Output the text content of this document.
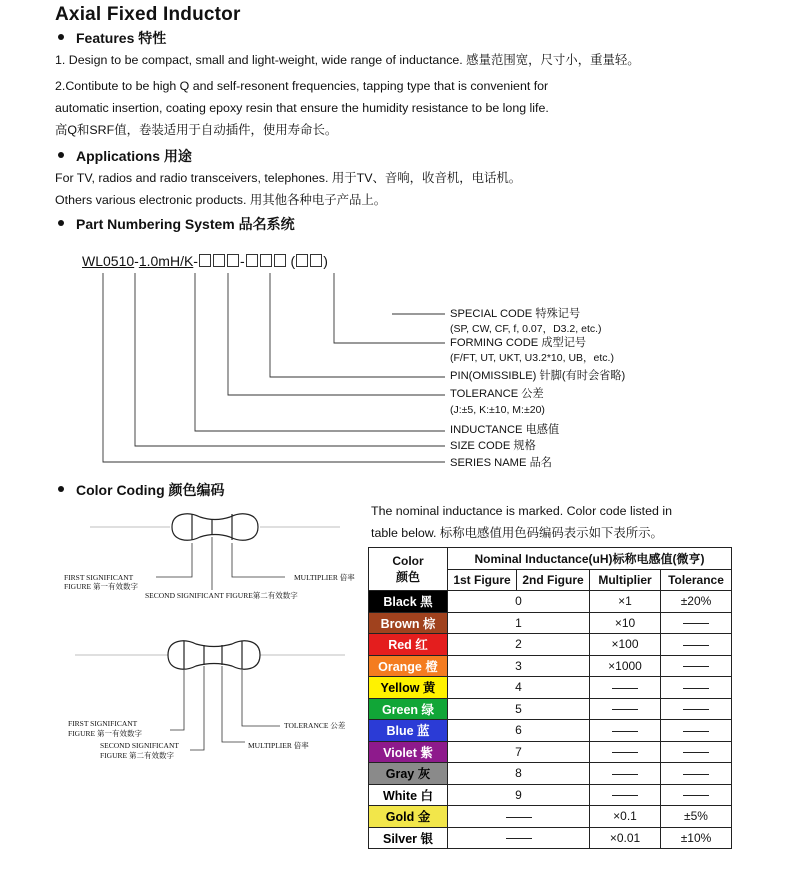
Axial Fixed Inductor
Features 特性
1. Design to be compact, small and light-weight, wide range of inductance. 感量范围宽，尺寸小，重量轻。
2.Contibute to be high Q and self-resonent frequencies, tapping type that is convenient for
automatic insertion, coating epoxy resin that ensure the humidity resistance to be long life.
高Q和SRF值，卷装适用于自动插件，使用寿命长。
Applications 用途
For TV, radios and radio transceivers, telephones. 用于TV、音响，收音机，电话机。
Others various electronic products. 用其他各种电子产品上。
Part Numbering System 品名系统
WL0510-1.0mH/K-	-	( )
SPECIAL CODE 特殊记号
(SP, CW, CF, f, 0.07，D3.2, etc.)
FORMING CODE 成型记号
(F/FT, UT, UKT, U3.2*10, UB，etc.)
PIN(OMISSIBLE) 针脚(有时会省略)
TOLERANCE 公差
(J:±5, K:±10, M:±20)
INDUCTANCE 电感值
SIZE CODE 规格
SERIES NAME 品名
Color Coding 颜色编码
The nominal inductance is marked. Color code listed in
table below. 标称电感值用色码编码表示如下表所示。
FIRST SIGNIFICANT
FIGURE 第一有效数字
SECOND SIGNIFICANT FIGURE第二有效数字
MULTIPLIER 倍率
FIRST SIGNIFICANT
FIGURE 第一有效数字
SECOND SIGNIFICANT
FIGURE 第二有效数字
TOLERANCE 公差
MULTIPLIER 倍率
Color
颜色	Nominal Inductance(uH)标称电感值(微亨)			
	1st Figure	2nd Figure	Multiplier	Tolerance
Black 黑	0		×1	±20%
Brown 棕	1		×10	
Red 红	2		×100	
Orange 橙	3		×1000	
Yellow 黄	4			
Green 绿	5			
Blue 蓝	6			
Violet 紫	7			
Gray 灰	8			
White 白	9			
Gold 金			×0.1	±5%
Silver 银			×0.01	±10%
